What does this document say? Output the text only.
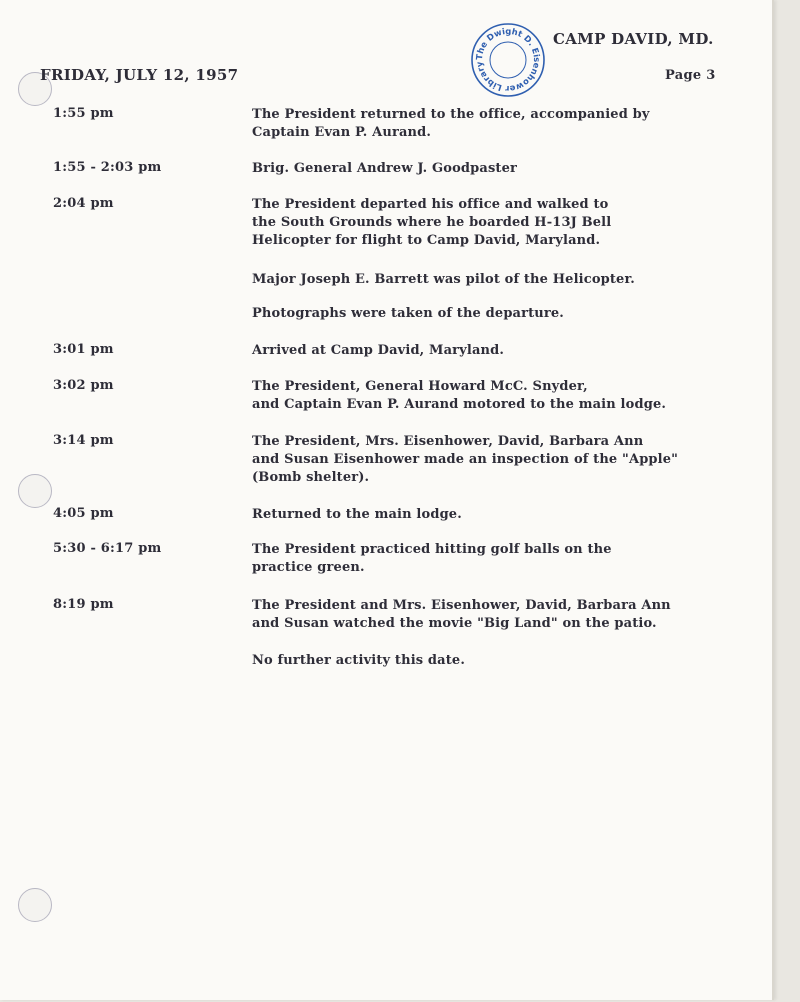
The Dwight D. Eisenhower Library
CAMP DAVID, MD.
FRIDAY, JULY 12, 1957	Page 3
1:55 pm	The President returned to the office, accompanied by
Captain Evan P. Aurand.
1:55 - 2:03 pm	Brig. General Andrew J. Goodpaster
2:04 pm	The President departed his office and walked to
the South Grounds where he boarded H-13J Bell
Helicopter for flight to Camp David, Maryland.
Major Joseph E. Barrett was pilot of the Helicopter.
Photographs were taken of the departure.
3:01 pm	Arrived at Camp David, Maryland.
3:02 pm	The President, General Howard McC. Snyder,
and Captain Evan P. Aurand motored to the main lodge.
3:14 pm	The President, Mrs. Eisenhower, David, Barbara Ann
and Susan Eisenhower made an inspection of the "Apple"
(Bomb shelter).
4:05 pm	Returned to the main lodge.
5:30 - 6:17 pm	The President practiced hitting golf balls on the
practice green.
8:19 pm	The President and Mrs. Eisenhower, David, Barbara Ann
and Susan watched the movie "Big Land" on the patio.
No further activity this date.
